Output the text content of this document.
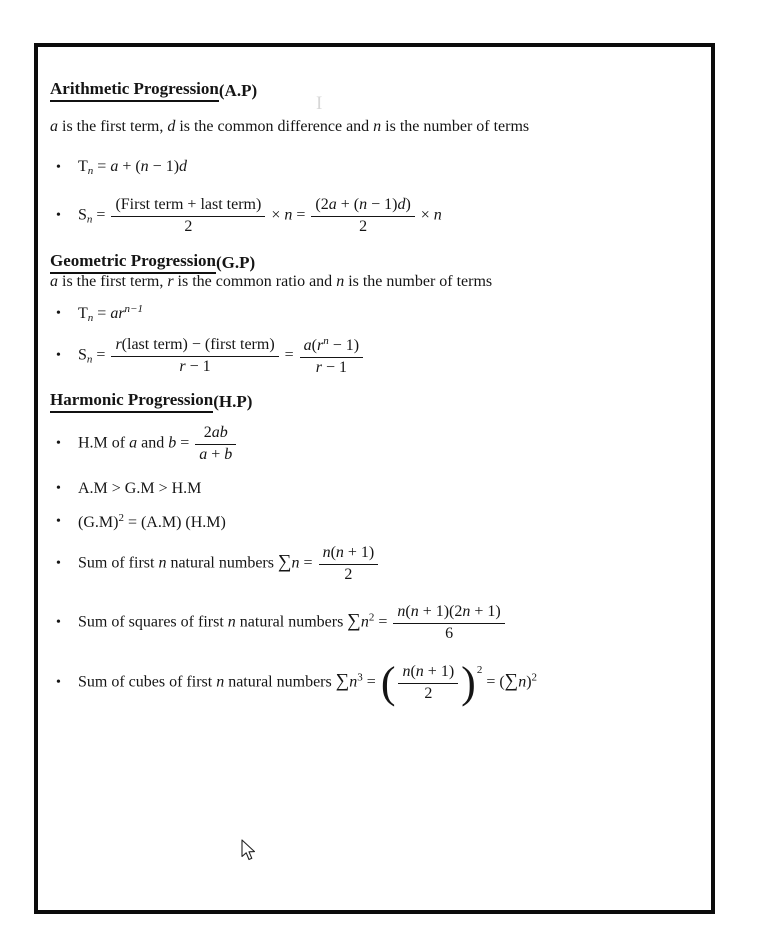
Arithmetic Progression (A.P)
a is the first term, d is the common difference and n is the number of terms
•	$T_n = a + (n - 1)d$
•	$S_n = \frac{\text{(First term + last term)}}{2} \times n = \frac{(2a + (n - 1)d)}{2} \times n$
Geometric Progression (G.P)
a is the first term, r is the common ratio and n is the number of terms
•	$T_n = ar^{n-1}$
•	$S_n = \frac{\text{r(last term) − (first term)}}{r - 1} = \frac{a(r^n - 1)}{r - 1}$
Harmonic Progression (H.P)
•	H.M of a and $b = \frac{2ab}{a + b}$
•	A.M > G.M > H.M
•	$(G.M)^2 = (A.M)$ (H.M)
•	Sum of first n natural numbers $\sum n = \frac{n(n + 1)}{2}$
•	Sum of squares of first n natural numbers $\sum n^2 = \frac{n(n + 1)(2n + 1)}{6}$
•	Sum of cubes of first n natural numbers $\sum n^3$ = ( $\frac{n(n + 1)}{2}$ ) 2
= $(\sum n)^2$
I
